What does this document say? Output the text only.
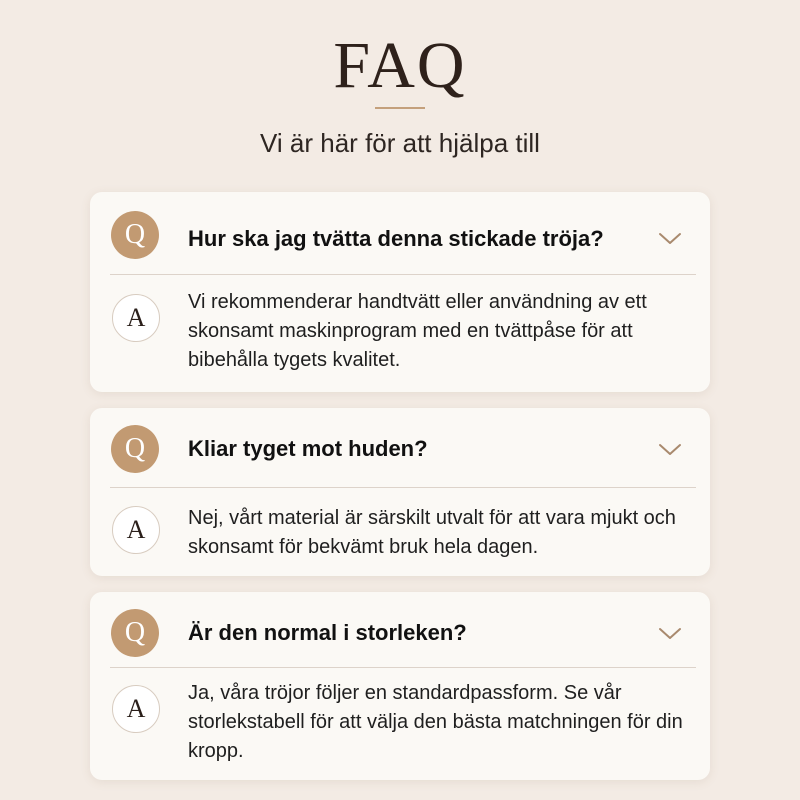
FAQ
Vi är här för att hjälpa till
Q	Hur ska jag tvätta denna stickade tröja?
A
Vi rekommenderar handtvätt eller användning av ett skonsamt maskinprogram med en tvättpåse för att bibehålla tygets kvalitet.
Q	Kliar tyget mot huden?
A	Nej, vårt material är särskilt utvalt för att vara mjukt och skonsamt för bekvämt bruk hela dagen.
Q	Är den normal i storleken?
A
Ja, våra tröjor följer en standardpassform. Se vår storlekstabell för att välja den bästa matchningen för din kropp.
